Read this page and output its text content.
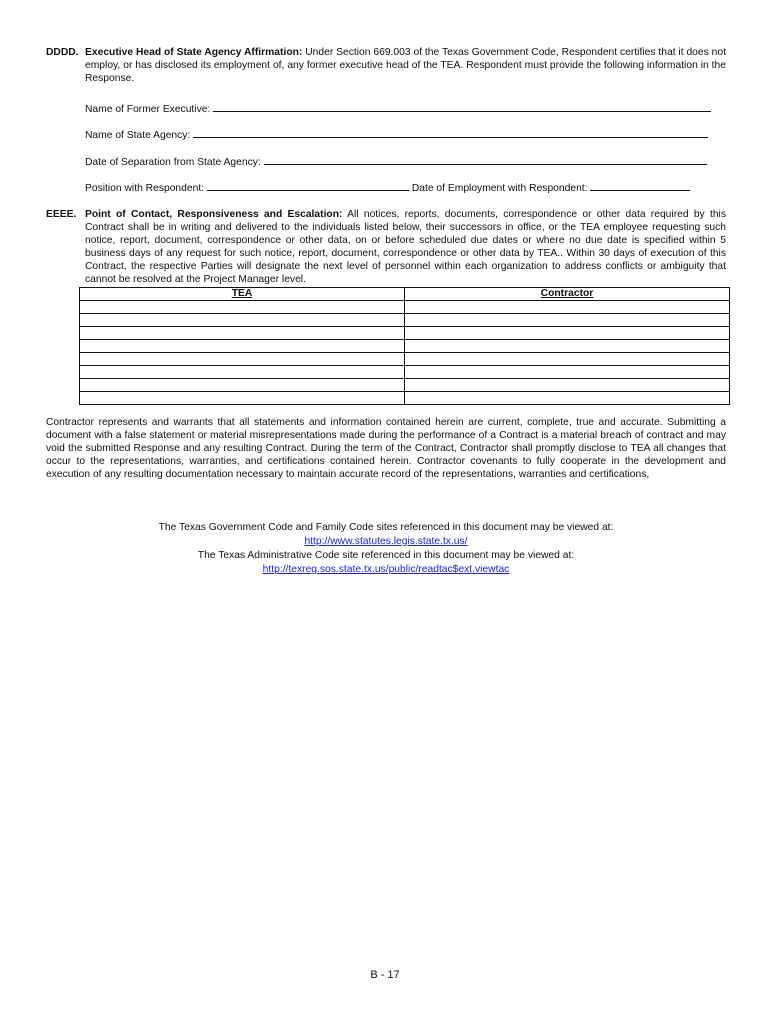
DDDD. Executive Head of State Agency Affirmation: Under Section 669.003 of the Texas Government Code, Respondent certifies that it does not employ, or has disclosed its employment of, any former executive head of the TEA. Respondent must provide the following information in the Response.
Name of Former Executive:
Name of State Agency:
Date of Separation from State Agency:
Position with Respondent:	Date of Employment with Respondent:
EEEE. Point of Contact, Responsiveness and Escalation: All notices, reports, documents, correspondence or other data required by this Contract shall be in writing and delivered to the individuals listed below, their successors in office, or the TEA employee requesting such notice, report, document, correspondence or other data, on or before scheduled due dates or where no due date is specified within 5 business days of any request for such notice, report, document, correspondence or other data by TEA.. Within 30 days of execution of this Contract, the respective Parties will designate the next level of personnel within each organization to address conflicts or ambiguity that cannot be resolved at the Project Manager level.
TEA	Contractor

Contractor represents and warrants that all statements and information contained herein are current, complete, true and accurate. Submitting a document with a false statement or material misrepresentations made during the performance of a Contract is a material breach of contract and may void the submitted Response and any resulting Contract. During the term of the Contract, Contractor shall promptly disclose to TEA all changes that occur to the representations, warranties, and certifications contained herein. Contractor covenants to fully cooperate in the development and execution of any resulting documentation necessary to maintain accurate record of the representations, warranties and certifications,
The Texas Government Code and Family Code sites referenced in this document may be viewed at:
http://www.statutes.legis.state.tx.us/
The Texas Administrative Code site referenced in this document may be viewed at:
http://texreg.sos.state.tx.us/public/readtac$ext.viewtac
B - 17
